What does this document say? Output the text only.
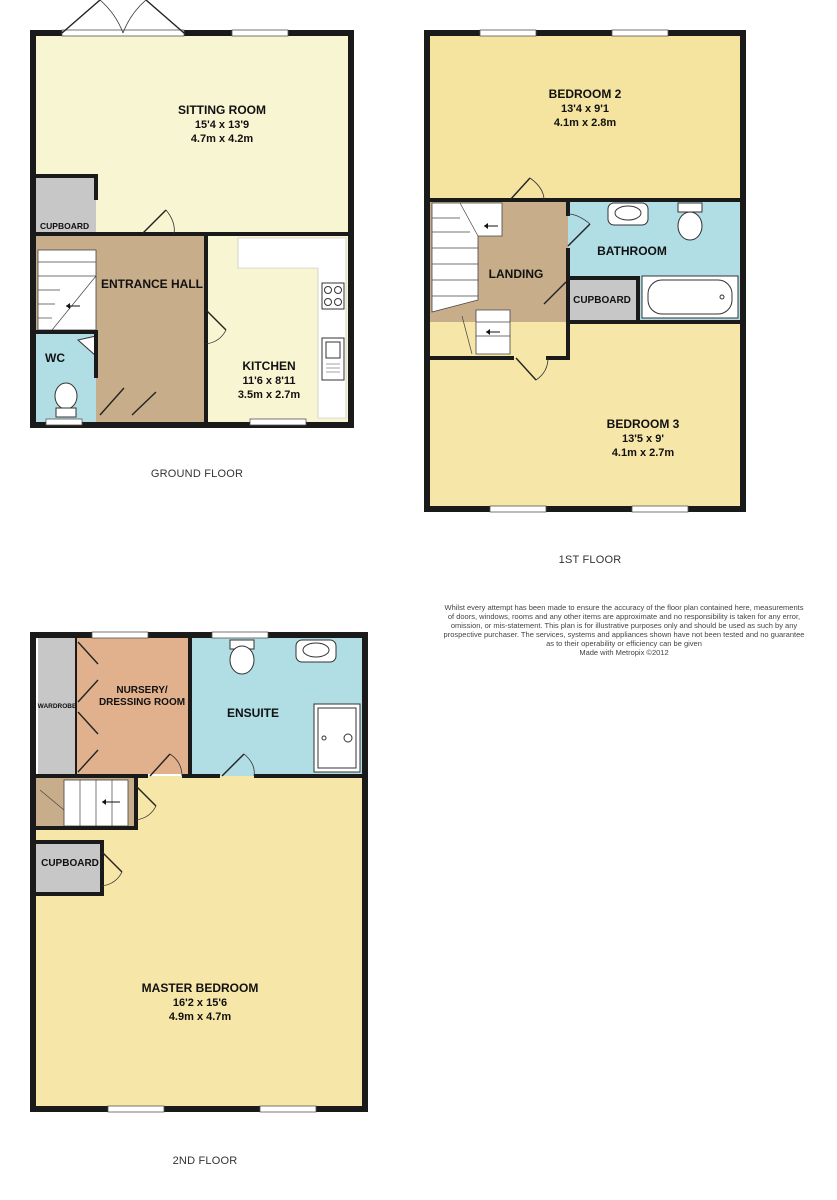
SITTING ROOM
15'4 x 13'9
4.7m x 4.2m
CUPBOARD
ENTRANCE HALL
WC
KITCHEN
11'6 x 8'11
3.5m x 2.7m
GROUND FLOOR
BEDROOM 2
13'4 x 9'1
4.1m x 2.8m
LANDING
BATHROOM
CUPBOARD
BEDROOM 3
13'5 x 9'
4.1m x 2.7m
1ST FLOOR
Whilst every attempt has been made to ensure the accuracy of the floor plan contained here, measurements
of doors, windows, rooms and any other items are approximate and no responsibility is taken for any error,
omission, or mis-statement. This plan is for illustrative purposes only and should be used as such by any
prospective purchaser. The services, systems and appliances shown have not been tested and no guarantee
as to their operability or efficiency can be given
Made with Metropix ©2012
WARDROBE
NURSERY/
DRESSING ROOM
ENSUITE
CUPBOARD
MASTER BEDROOM
16'2 x 15'6
4.9m x 4.7m
2ND FLOOR
